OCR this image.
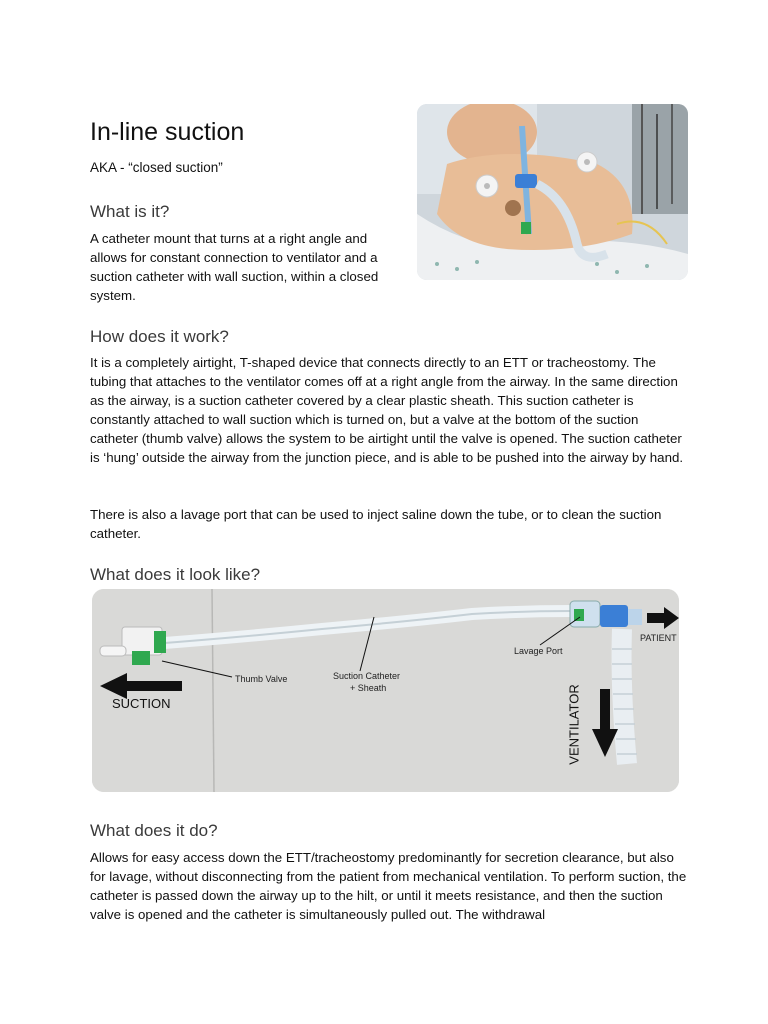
In-line suction

AKA - “closed suction”

What is it?

A catheter mount that turns at a right angle and allows for constant connection to ventilator and a suction catheter with wall suction, within a closed system.

How does it work?

It is a completely airtight, T-shaped device that connects directly to an ETT or tracheostomy. The tubing that attaches to the ventilator comes off at a right angle from the airway. In the same direction as the airway, is a suction catheter covered by a clear plastic sheath. This suction catheter is constantly attached to wall suction which is turned on, but a valve at the bottom of the suction catheter (thumb valve) allows the system to be airtight until the valve is opened. The suction catheter is ‘hung’ outside the airway from the junction piece, and is able to be pushed into the airway by hand.

There is also a lavage port that can be used to inject saline down the tube, or to clean the suction catheter.

What does it look like?
Thumb Valve	Suction Catheter
+ Sheath
Lavage Port
PATIENT
SUCTION	VENTILATOR
What does it do?

Allows for easy access down the ETT/tracheostomy predominantly for secretion clearance, but also for lavage, without disconnecting from the patient from mechanical ventilation. To perform suction, the catheter is passed down the airway up to the hilt, or until it meets resistance, and then the suction valve is opened and the catheter is simultaneously pulled out. The withdrawal
